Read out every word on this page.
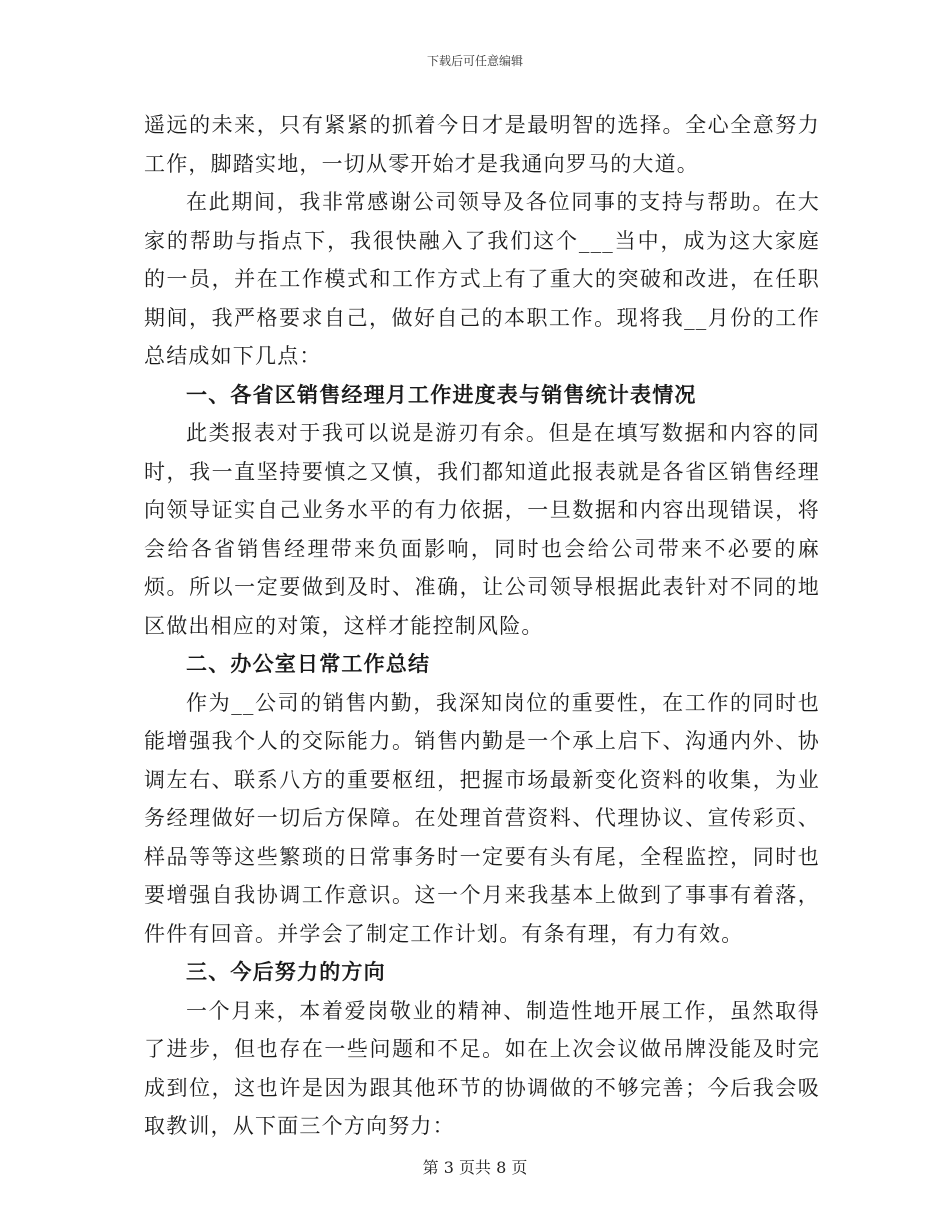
下载后可任意编辑

遥远的未来，只有紧紧的抓着今日才是最明智的选择。全心全意努力工作，脚踏实地，一切从零开始才是我通向罗马的大道。

在此期间，我非常感谢公司领导及各位同事的支持与帮助。在大家的帮助与指点下，我很快融入了我们这个___当中，成为这大家庭的一员，并在工作模式和工作方式上有了重大的突破和改进，在任职期间，我严格要求自己，做好自己的本职工作。现将我__月份的工作总结成如下几点：

一、各省区销售经理月工作进度表与销售统计表情况

此类报表对于我可以说是游刃有余。但是在填写数据和内容的同时，我一直坚持要慎之又慎，我们都知道此报表就是各省区销售经理向领导证实自己业务水平的有力依据，一旦数据和内容出现错误，将会给各省销售经理带来负面影响，同时也会给公司带来不必要的麻烦。所以一定要做到及时、准确，让公司领导根据此表针对不同的地区做出相应的对策，这样才能控制风险。

二、办公室日常工作总结

作为__公司的销售内勤，我深知岗位的重要性，在工作的同时也能增强我个人的交际能力。销售内勤是一个承上启下、沟通内外、协调左右、联系八方的重要枢纽，把握市场最新变化资料的收集，为业务经理做好一切后方保障。在处理首营资料、代理协议、宣传彩页、样品等等这些繁琐的日常事务时一定要有头有尾，全程监控，同时也要增强自我协调工作意识。这一个月来我基本上做到了事事有着落，件件有回音。并学会了制定工作计划。有条有理，有力有效。

三、今后努力的方向

一个月来，本着爱岗敬业的精神、制造性地开展工作，虽然取得了进步，但也存在一些问题和不足。如在上次会议做吊牌没能及时完成到位，这也许是因为跟其他环节的协调做的不够完善；今后我会吸取教训，从下面三个方向努力：

第 3 页共 8 页
